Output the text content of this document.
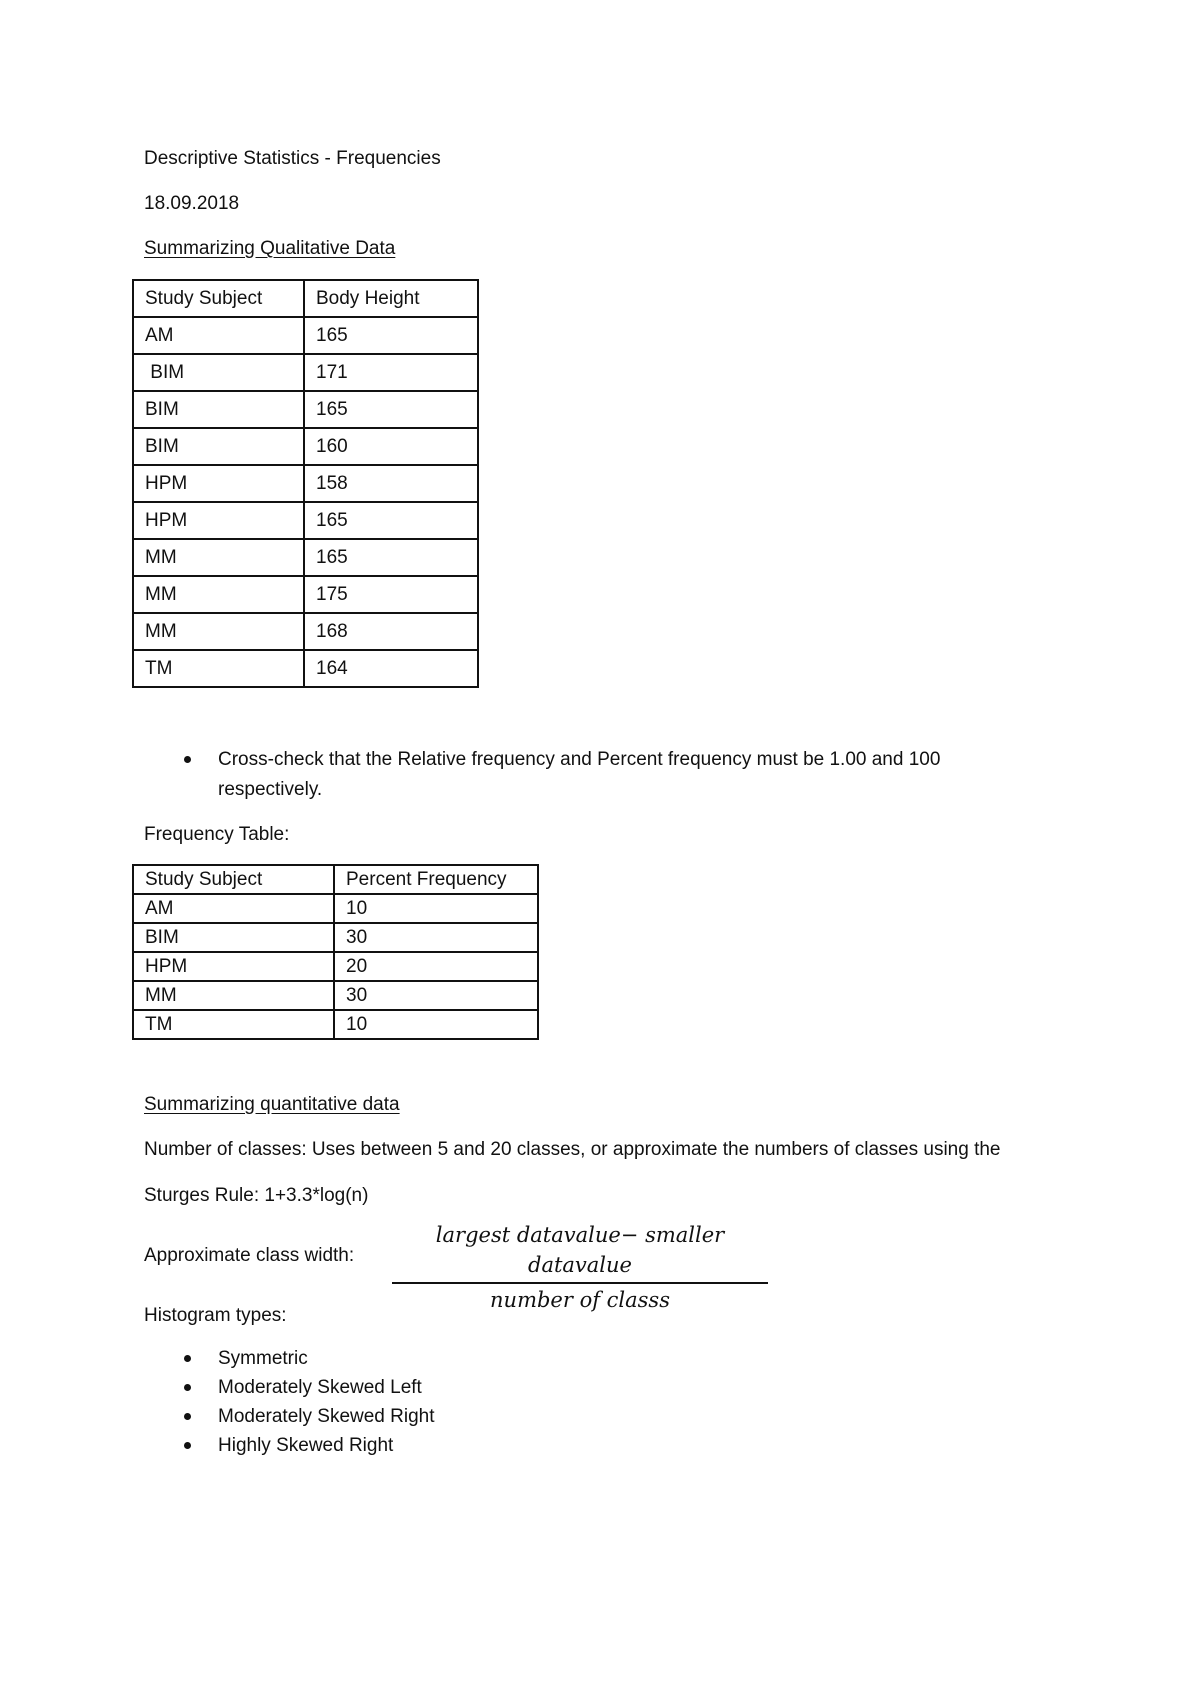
Descriptive Statistics - Frequencies
18.09.2018
Summarizing Qualitative Data
Study Subject	Body Height
AM	165
BIM	171
BIM	165
BIM	160
HPM	158
HPM	165
MM	165
MM	175
MM	168
TM	164
Cross-check that the Relative frequency and Percent frequency must be 1.00 and 100 respectively.
Frequency Table:
Study Subject	Percent Frequency
AM	10
BIM	30
HPM	20
MM	30
TM	10
Summarizing quantitative data
Number of classes: Uses between 5 and 20 classes, or approximate the numbers of classes using the
Sturges Rule: 1+3.3*log(n)
Approximate class width:
largest datavalue− smaller datavalue
number of classs
Histogram types:
Symmetric
Moderately Skewed Left
Moderately Skewed Right
Highly Skewed Right
